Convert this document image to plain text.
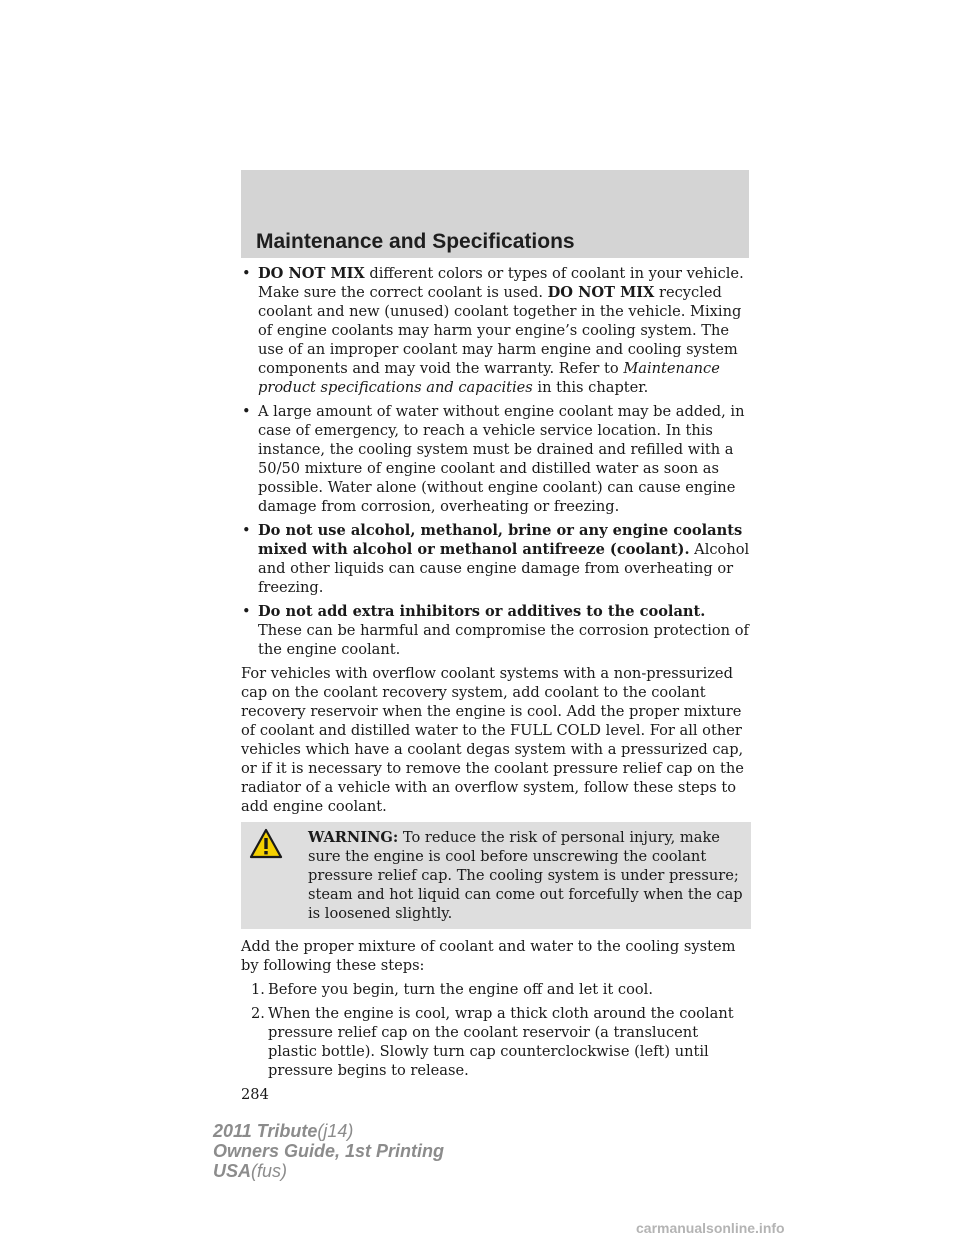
Maintenance and Specifications
• DO NOT MIX different colors or types of coolant in your vehicle. Make sure the correct coolant is used. DO NOT MIX recycled coolant and new (unused) coolant together in the vehicle. Mixing of engine coolants may harm your engine’s cooling system. The use of an improper coolant may harm engine and cooling system components and may void the warranty. Refer to Maintenance product specifications and capacities in this chapter.
• A large amount of water without engine coolant may be added, in case of emergency, to reach a vehicle service location. In this instance, the cooling system must be drained and refilled with a 50/50 mixture of engine coolant and distilled water as soon as possible. Water alone (without engine coolant) can cause engine damage from corrosion, overheating or freezing.
• Do not use alcohol, methanol, brine or any engine coolants mixed with alcohol or methanol antifreeze (coolant). Alcohol and other liquids can cause engine damage from overheating or freezing.
• Do not add extra inhibitors or additives to the coolant. These can be harmful and compromise the corrosion protection of the engine coolant.

For vehicles with overflow coolant systems with a non-pressurized cap on the coolant recovery system, add coolant to the coolant recovery reservoir when the engine is cool. Add the proper mixture of coolant and distilled water to the FULL COLD level. For all other vehicles which have a coolant degas system with a pressurized cap, or if it is necessary to remove the coolant pressure relief cap on the radiator of a vehicle with an overflow system, follow these steps to add engine coolant.

WARNING: To reduce the risk of personal injury, make sure the engine is cool before unscrewing the coolant pressure relief cap. The cooling system is under pressure; steam and hot liquid can come out forcefully when the cap is loosened slightly.

Add the proper mixture of coolant and water to the cooling system by following these steps:

1. Before you begin, turn the engine off and let it cool.
2. When the engine is cool, wrap a thick cloth around the coolant pressure relief cap on the coolant reservoir (a translucent plastic bottle). Slowly turn cap counterclockwise (left) until pressure begins to release.
284
2011 Tribute(j14)
Owners Guide, 1st Printing
USA(fus)
carmanualsonline.info
